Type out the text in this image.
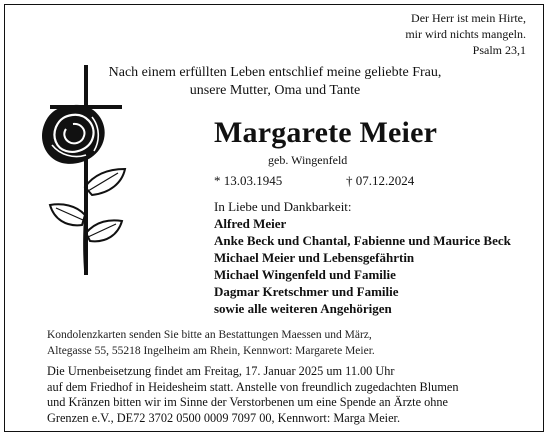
Der Herr ist mein Hirte,
mir wird nichts mangeln.
Psalm 23,1
Nach einem erfüllten Leben entschlief meine geliebte Frau,
unsere Mutter, Oma und Tante
Margarete Meier
geb. Wingenfeld
* 13.03.1945	† 07.12.2024
In Liebe und Dankbarkeit:
Alfred Meier
Anke Beck und Chantal, Fabienne und Maurice Beck
Michael Meier und Lebensgefährtin
Michael Wingenfeld und Familie
Dagmar Kretschmer und Familie
sowie alle weiteren Angehörigen
Kondolenzkarten senden Sie bitte an Bestattungen Maessen und März,
Altegasse 55, 55218 Ingelheim am Rhein, Kennwort: Margarete Meier.
Die Urnenbeisetzung findet am Freitag, 17. Januar 2025 um 11.00 Uhr
auf dem Friedhof in Heidesheim statt. Anstelle von freundlich zugedachten Blumen
und Kränzen bitten wir im Sinne der Verstorbenen um eine Spende an Ärzte ohne
Grenzen e.V., DE72 3702 0500 0009 7097 00, Kennwort: Marga Meier.
